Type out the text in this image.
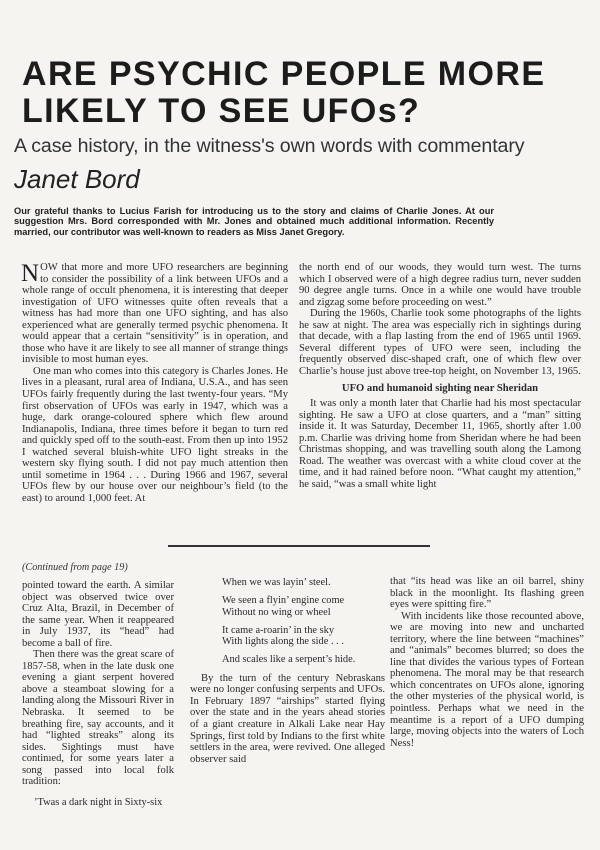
ARE PSYCHIC PEOPLE MORE
LIKELY TO SEE UFOs?
A case history, in the witness's own words with commentary
Janet Bord
Our grateful thanks to Lucius Farish for introducing us to the story and claims of Charlie Jones. At our suggestion Mrs. Bord corresponded with Mr. Jones and obtained much additional information. Recently married, our contributor was well-known to readers as Miss Janet Gregory.

NOW that more and more UFO researchers are beginning to consider the possibility of a link between UFOs and a whole range of occult phenomena, it is interesting that deeper investigation of UFO witnesses quite often reveals that a witness has had more than one UFO sighting, and has also experienced what are generally termed psychic phenomena. It would appear that a certain “sensitivity” is in operation, and those who have it are likely to see all manner of strange things invisible to most human eyes.

One man who comes into this category is Charles Jones. He lives in a pleasant, rural area of Indiana, U.S.A., and has seen UFOs fairly frequently during the last twenty-four years. “My first observation of UFOs was early in 1947, which was a huge, dark orange-coloured sphere which flew around Indianapolis, Indiana, three times before it began to turn red and quickly sped off to the south-east. From then up into 1952 I watched several bluish-white UFO light streaks in the western sky flying south. I did not pay much attention then until sometime in 1964 . . . During 1966 and 1967, several UFOs flew by our house over our neighbour’s field (to the east) to around 1,000 feet. At

the north end of our woods, they would turn west. The turns which I observed were of a high degree radius turn, never sudden 90 degree angle turns. Once in a while one would have trouble and zigzag some before proceeding on west.”

During the 1960s, Charlie took some photographs of the lights he saw at night. The area was especially rich in sightings during that decade, with a flap lasting from the end of 1965 until 1969. Several different types of UFO were seen, including the frequently observed disc-shaped craft, one of which flew over Charlie’s house just above tree-top height, on November 13, 1965.

UFO and humanoid sighting near Sheridan

It was only a month later that Charlie had his most spectacular sighting. He saw a UFO at close quarters, and a “man” sitting inside it. It was Saturday, December 11, 1965, shortly after 1.00 p.m. Charlie was driving home from Sheridan where he had been Christmas shopping, and was travelling south along the Lamong Road. The weather was overcast with a white cloud cover at the time, and it had rained before noon. “What caught my attention,” he said, “was a small white light

(Continued from page 19)

pointed toward the earth. A similar object was observed twice over Cruz Alta, Brazil, in December of the same year. When it reappeared in July 1937, its “head” had become a ball of fire.

Then there was the great scare of 1857-58, when in the late dusk one evening a giant serpent hovered above a steamboat slowing for a landing along the Missouri River in Nebraska. It seemed to be breathing fire, say accounts, and it had “lighted streaks” along its sides. Sightings must have continıed, for some years later a song passed into local folk tradition:

’Twas a dark night in Sixty-six
When we was layin’ steel.
We seen a flyin’ engine come
Without no wing or wheel
It came a-roarin’ in the sky
With lights along the side . . .
And scales like a serpent’s hide.

By the turn of the century Nebraskans were no longer confusing serpents and UFOs. In February 1897 “airships” started flying over the state and in the years ahead stories of a giant creature in Alkali Lake near Hay Springs, first told by Indians to the first white settlers in the area, were revived. One alleged observer said

that “its head was like an oil barrel, shiny black in the moonlight. Its flashing green eyes were spitting fire.”

With incidents like those recounted above, we are moving into new and uncharted territory, where the line between “machines” and “animals” becomes blurred; so does the line that divides the various types of Fortean phenomena. The moral may be that research which concentrates on UFOs alone, ignoring the other mysteries of the physical world, is pointless. Perhaps what we need in the meantime is a report of a UFO dumping large, moving objects into the waters of Loch Ness!
